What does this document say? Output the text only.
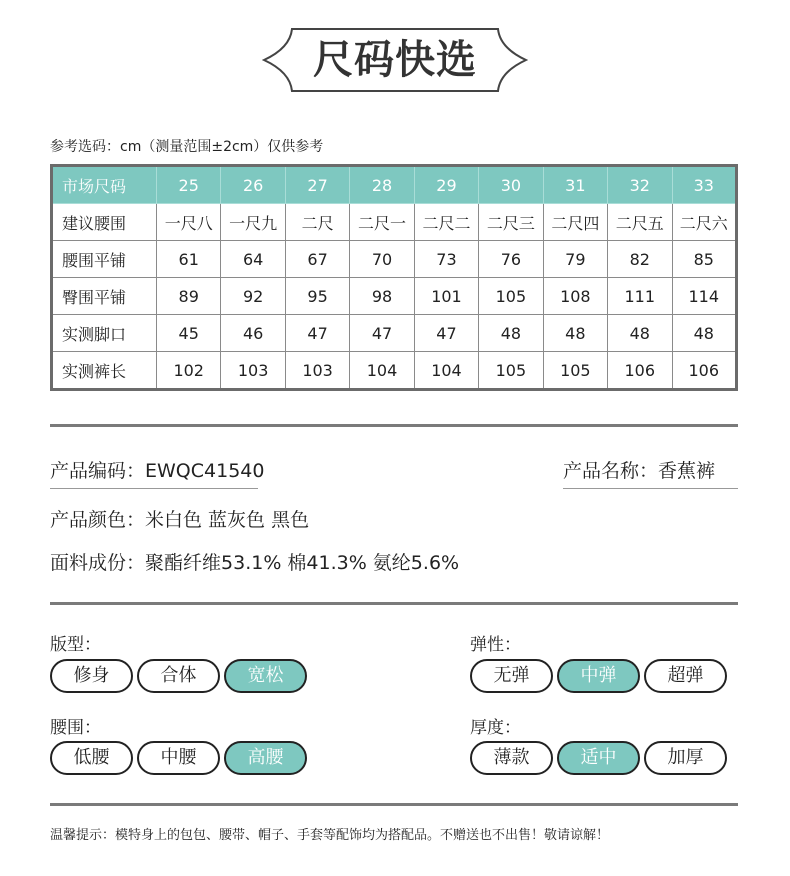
尺码快选
参考选码：cm（测量范围±2cm）仅供参考
市场尺码	25	26	27	28	29	30	31	32	33
建议腰围	一尺八	一尺九	二尺	二尺一	二尺二	二尺三	二尺四	二尺五	二尺六
腰围平铺	61	64	67	70	73	76	79	82	85
臀围平铺	89	92	95	98	101	105	108	111	114
实测脚口	45	46	47	47	47	48	48	48	48
实测裤长	102	103	103	104	104	105	105	106	106
产品编码：EWQC41540	产品名称：香蕉裤
产品颜色：米白色 蓝灰色 黑色
面料成份：聚酯纤维53.1% 棉41.3% 氨纶5.6%
版型：
修身	合体	宽松
弹性：
无弹	中弹	超弹
腰围：
低腰	中腰	高腰
厚度：
薄款	适中	加厚
温馨提示：模特身上的包包、腰带、帽子、手套等配饰均为搭配品。不赠送也不出售！敬请谅解！
